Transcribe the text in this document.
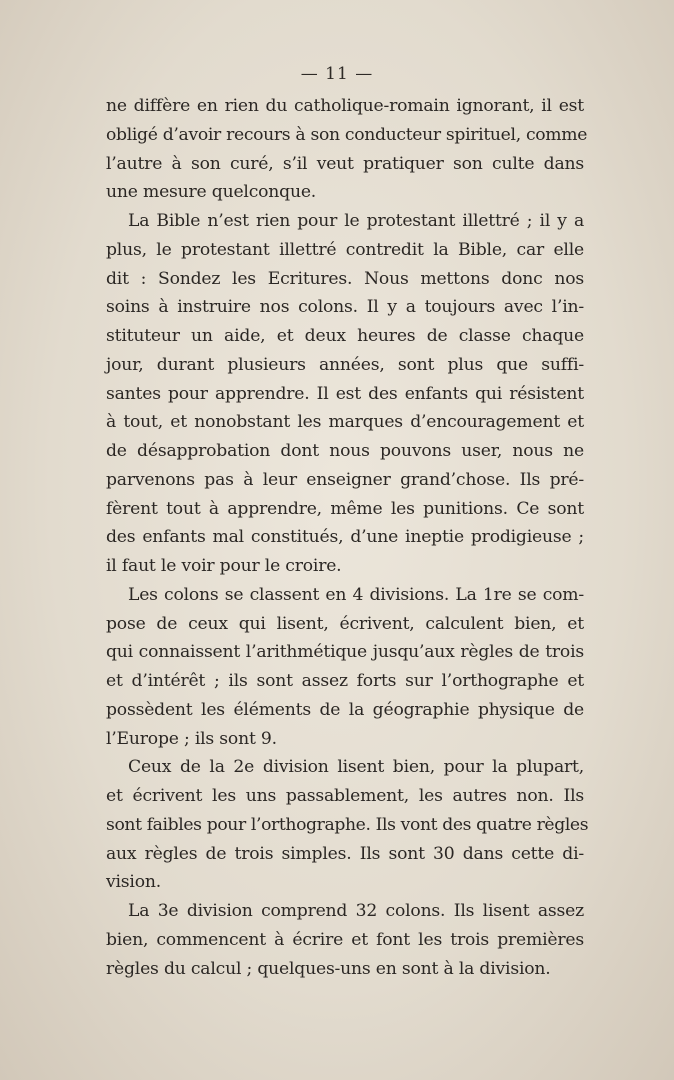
— 11 —
ne diffère en rien du catholique-romain ignorant, il est
obligé d’avoir recours à son conducteur spirituel, comme
l’autre à son curé, s’il veut pratiquer son culte dans
une mesure quelconque.
La Bible n’est rien pour le protestant illettré ; il y a
plus, le protestant illettré contredit la Bible, car elle
dit : Sondez les Ecritures. Nous mettons donc nos
soins à instruire nos colons. Il y a toujours avec l’in-
stituteur un aide, et deux heures de classe chaque
jour, durant plusieurs années, sont plus que suffi-
santes pour apprendre. Il est des enfants qui résistent
à tout, et nonobstant les marques d’encouragement et
de désapprobation dont nous pouvons user, nous ne
parvenons pas à leur enseigner grand’chose. Ils pré-
fèrent tout à apprendre, même les punitions. Ce sont
des enfants mal constitués, d’une ineptie prodigieuse ;
il faut le voir pour le croire.
Les colons se classent en 4 divisions. La 1re se com-
pose de ceux qui lisent, écrivent, calculent bien, et
qui connaissent l’arithmétique jusqu’aux règles de trois
et d’intérêt ; ils sont assez forts sur l’orthographe et
possèdent les éléments de la géographie physique de
l’Europe ; ils sont 9.
Ceux de la 2e division lisent bien, pour la plupart,
et écrivent les uns passablement, les autres non. Ils
sont faibles pour l’orthographe. Ils vont des quatre règles
aux règles de trois simples. Ils sont 30 dans cette di-
vision.
La 3e division comprend 32 colons. Ils lisent assez
bien, commencent à écrire et font les trois premières
règles du calcul ; quelques-uns en sont à la division.
